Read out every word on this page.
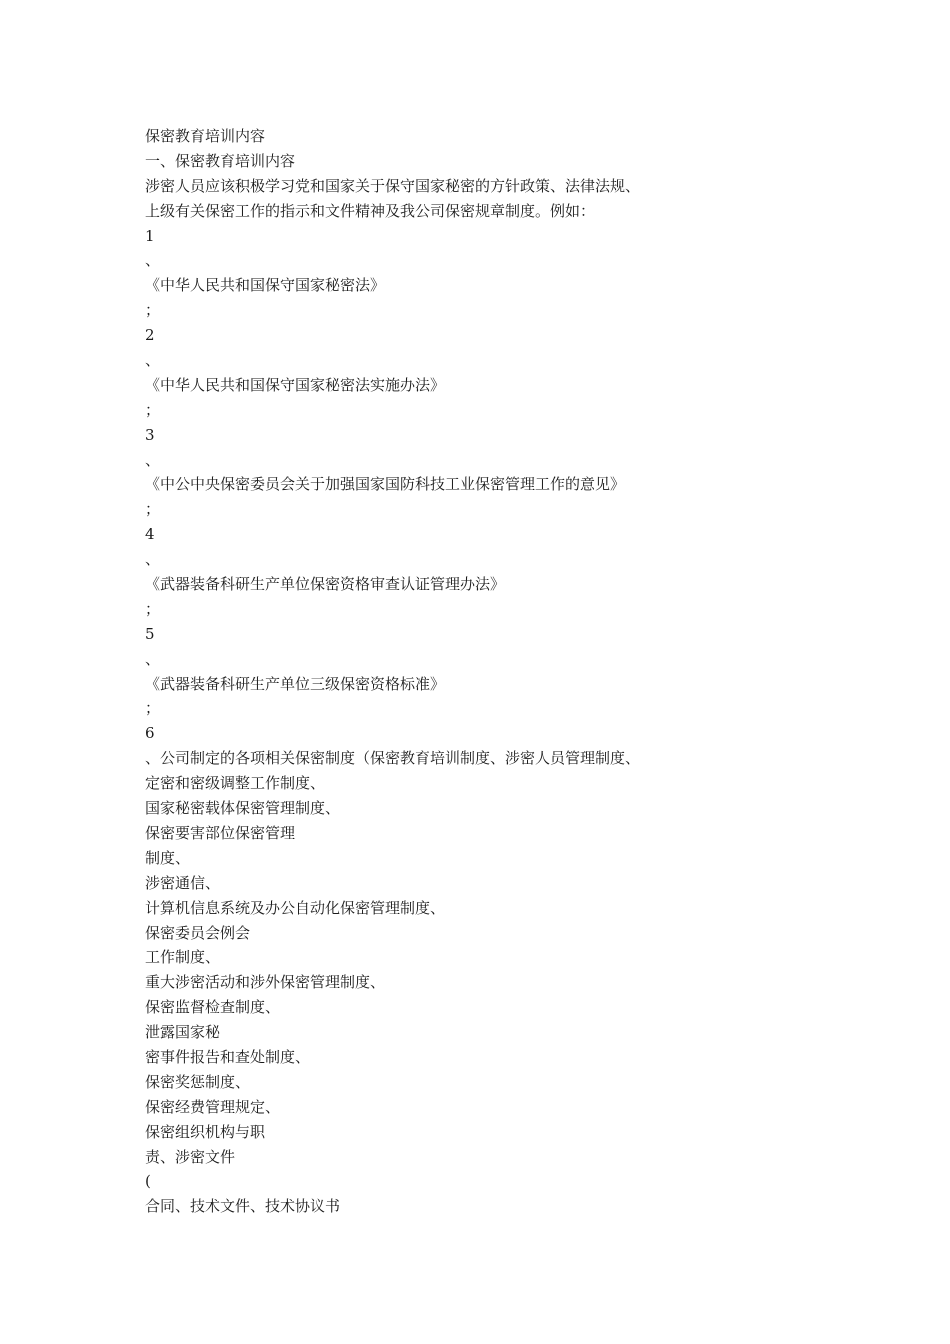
保密教育培训内容
一、保密教育培训内容
涉密人员应该积极学习党和国家关于保守国家秘密的方针政策、法律法规、
上级有关保密工作的指示和文件精神及我公司保密规章制度。例如：
1
、
《中华人民共和国保守国家秘密法》
；
2
、
《中华人民共和国保守国家秘密法实施办法》
；
3
、
《中公中央保密委员会关于加强国家国防科技工业保密管理工作的意见》
；
4
、
《武器装备科研生产单位保密资格审查认证管理办法》
；
5
、
《武器装备科研生产单位三级保密资格标准》
；
6
、公司制定的各项相关保密制度（保密教育培训制度、涉密人员管理制度、
定密和密级调整工作制度、
国家秘密载体保密管理制度、
保密要害部位保密管理
制度、
涉密通信、
计算机信息系统及办公自动化保密管理制度、
保密委员会例会
工作制度、
重大涉密活动和涉外保密管理制度、
保密监督检查制度、
泄露国家秘
密事件报告和查处制度、
保密奖惩制度、
保密经费管理规定、
保密组织机构与职
责、涉密文件
(
合同、技术文件、技术协议书
